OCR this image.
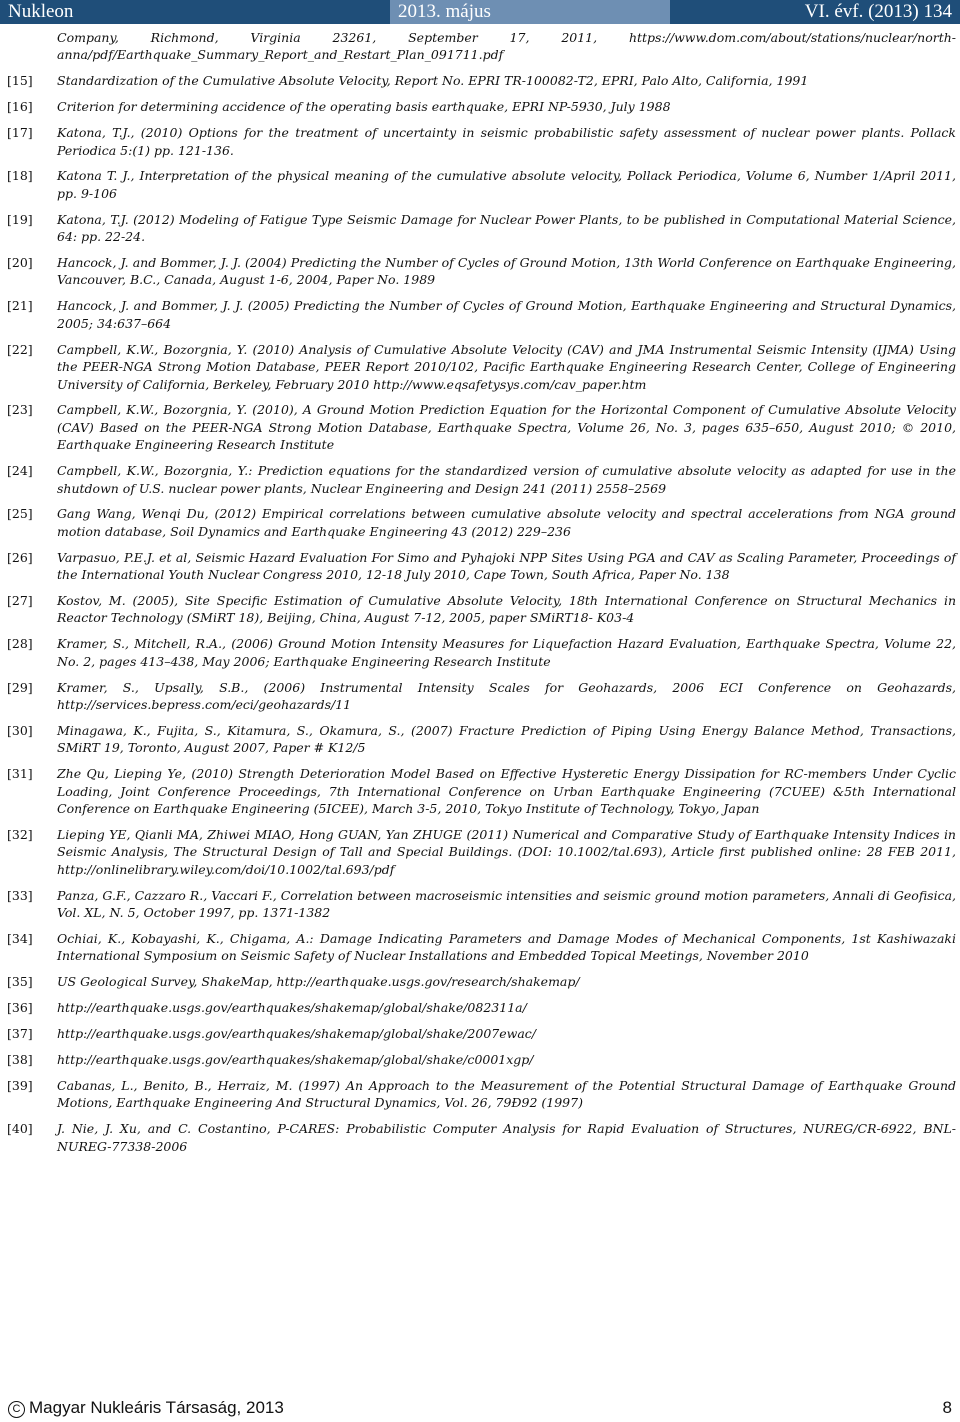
Nukleon	2013. május	VI. évf. (2013) 134
Company, Richmond, Virginia 23261, September 17, 2011, https://www.dom.com/about/stations/nuclear/north-anna/pdf/Earthquake_Summary_Report_and_Restart_Plan_091711.pdf
[15] Standardization of the Cumulative Absolute Velocity, Report No. EPRI TR-100082-T2, EPRI, Palo Alto, California, 1991
[16] Criterion for determining accidence of the operating basis earthquake, EPRI NP-5930, July 1988
[17] Katona, T.J., (2010) Options for the treatment of uncertainty in seismic probabilistic safety assessment of nuclear power plants. Pollack Periodica 5:(1) pp. 121-136.
[18] Katona T. J., Interpretation of the physical meaning of the cumulative absolute velocity, Pollack Periodica, Volume 6, Number 1/April 2011, pp. 9-106
[19] Katona, T.J. (2012) Modeling of Fatigue Type Seismic Damage for Nuclear Power Plants, to be published in Computational Material Science, 64: pp. 22-24.
[20] Hancock, J. and Bommer, J. J. (2004) Predicting the Number of Cycles of Ground Motion, 13th World Conference on Earthquake Engineering, Vancouver, B.C., Canada, August 1-6, 2004, Paper No. 1989
[21] Hancock, J. and Bommer, J. J. (2005) Predicting the Number of Cycles of Ground Motion, Earthquake Engineering and Structural Dynamics, 2005; 34:637–664
[22] Campbell, K.W., Bozorgnia, Y. (2010) Analysis of Cumulative Absolute Velocity (CAV) and JMA Instrumental Seismic Intensity (IJMA) Using the PEER-NGA Strong Motion Database, PEER Report 2010/102, Pacific Earthquake Engineering Research Center, College of Engineering University of California, Berkeley, February 2010 http://www.eqsafetysys.com/cav_paper.htm
[23] Campbell, K.W., Bozorgnia, Y. (2010), A Ground Motion Prediction Equation for the Horizontal Component of Cumulative Absolute Velocity (CAV) Based on the PEER-NGA Strong Motion Database, Earthquake Spectra, Volume 26, No. 3, pages 635–650, August 2010; © 2010, Earthquake Engineering Research Institute
[24] Campbell, K.W., Bozorgnia, Y.: Prediction equations for the standardized version of cumulative absolute velocity as adapted for use in the shutdown of U.S. nuclear power plants, Nuclear Engineering and Design 241 (2011) 2558–2569
[25] Gang Wang, Wenqi Du, (2012) Empirical correlations between cumulative absolute velocity and spectral accelerations from NGA ground motion database, Soil Dynamics and Earthquake Engineering 43 (2012) 229–236
[26] Varpasuo, P.E.J. et al, Seismic Hazard Evaluation For Simo and Pyhajoki NPP Sites Using PGA and CAV as Scaling Parameter, Proceedings of the International Youth Nuclear Congress 2010, 12-18 July 2010, Cape Town, South Africa, Paper No. 138
[27] Kostov, M. (2005), Site Specific Estimation of Cumulative Absolute Velocity, 18th International Conference on Structural Mechanics in Reactor Technology (SMiRT 18), Beijing, China, August 7-12, 2005, paper SMiRT18- K03-4
[28] Kramer, S., Mitchell, R.A., (2006) Ground Motion Intensity Measures for Liquefaction Hazard Evaluation, Earthquake Spectra, Volume 22, No. 2, pages 413–438, May 2006; Earthquake Engineering Research Institute
[29] Kramer, S., Upsally, S.B., (2006) Instrumental Intensity Scales for Geohazards, 2006 ECI Conference on Geohazards, http://services.bepress.com/eci/geohazards/11
[30] Minagawa, K., Fujita, S., Kitamura, S., Okamura, S., (2007) Fracture Prediction of Piping Using Energy Balance Method, Transactions, SMiRT 19, Toronto, August 2007, Paper # K12/5
[31] Zhe Qu, Lieping Ye, (2010) Strength Deterioration Model Based on Effective Hysteretic Energy Dissipation for RC-members Under Cyclic Loading, Joint Conference Proceedings, 7th International Conference on Urban Earthquake Engineering (7CUEE) &5th International Conference on Earthquake Engineering (5ICEE), March 3-5, 2010, Tokyo Institute of Technology, Tokyo, Japan
[32] Lieping YE, Qianli MA, Zhiwei MIAO, Hong GUAN, Yan ZHUGE (2011) Numerical and Comparative Study of Earthquake Intensity Indices in Seismic Analysis, The Structural Design of Tall and Special Buildings. (DOI: 10.1002/tal.693), Article first published online: 28 FEB 2011, http://onlinelibrary.wiley.com/doi/10.1002/tal.693/pdf
[33] Panza, G.F., Cazzaro R., Vaccari F., Correlation between macroseismic intensities and seismic ground motion parameters, Annali di Geofisica, Vol. XL, N. 5, October 1997, pp. 1371-1382
[34] Ochiai, K., Kobayashi, K., Chigama, A.: Damage Indicating Parameters and Damage Modes of Mechanical Components, 1st Kashiwazaki International Symposium on Seismic Safety of Nuclear Installations and Embedded Topical Meetings, November 2010
[35] US Geological Survey, ShakeMap, http://earthquake.usgs.gov/research/shakemap/
[36] http://earthquake.usgs.gov/earthquakes/shakemap/global/shake/082311a/
[37] http://earthquake.usgs.gov/earthquakes/shakemap/global/shake/2007ewac/
[38] http://earthquake.usgs.gov/earthquakes/shakemap/global/shake/c0001xgp/
[39] Cabanas, L., Benito, B., Herraiz, M. (1997) An Approach to the Measurement of the Potential Structural Damage of Earthquake Ground Motions, Earthquake Engineering And Structural Dynamics, Vol. 26, 79Ð92 (1997)
[40] J. Nie, J. Xu, and C. Costantino, P-CARES: Probabilistic Computer Analysis for Rapid Evaluation of Structures, NUREG/CR-6922, BNL-NUREG-77338-2006
C Magyar Nukleáris Társaság, 2013	8
